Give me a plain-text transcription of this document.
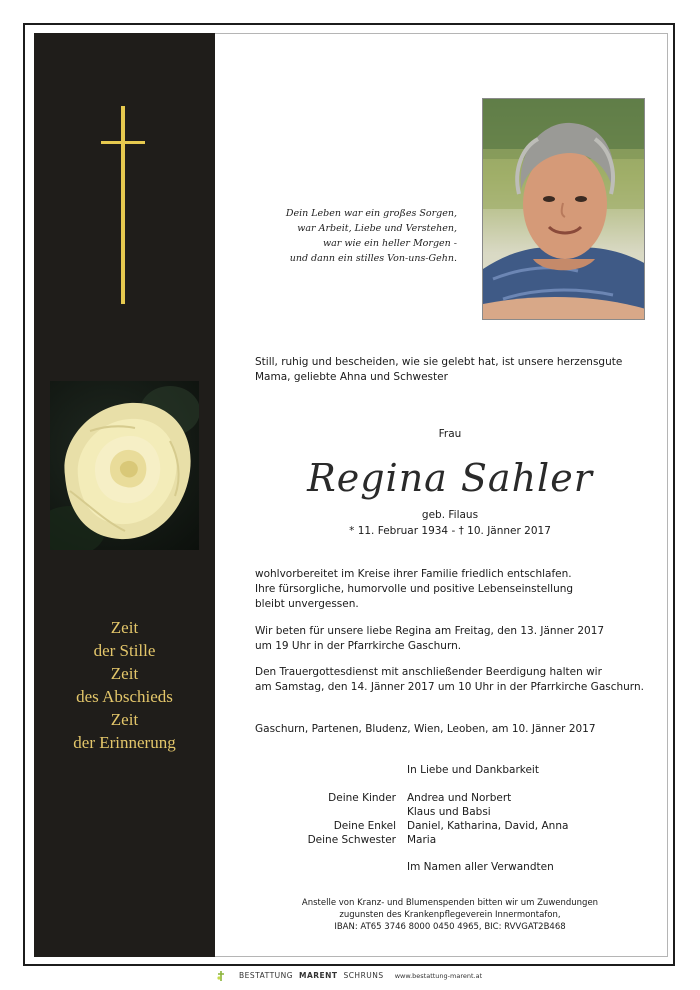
Zeit
der Stille
Zeit
des Abschieds
Zeit
der Erinnerung
Dein Leben war ein großes Sorgen,
war Arbeit, Liebe und Verstehen,
war wie ein heller Morgen -
und dann ein stilles Von-uns-Gehn.
Still, ruhig und bescheiden, wie sie gelebt hat, ist unsere herzensgute
Mama, geliebte Ahna und Schwester
Frau
Regina Sahler
geb. Filaus
* 11. Februar 1934 - † 10. Jänner 2017
wohlvorbereitet im Kreise ihrer Familie friedlich entschlafen.
Ihre fürsorgliche, humorvolle und positive Lebenseinstellung
bleibt unvergessen.
Wir beten für unsere liebe Regina am Freitag, den 13. Jänner 2017
um 19 Uhr in der Pfarrkirche Gaschurn.
Den Trauergottesdienst mit anschließender Beerdigung halten wir
am Samstag, den 14. Jänner 2017 um 10 Uhr in der Pfarrkirche Gaschurn.
Gaschurn, Partenen, Bludenz, Wien, Leoben, am 10. Jänner 2017
In Liebe und Dankbarkeit
Deine Kinder Andrea und Norbert
Klaus und Babsi
Deine Enkel Daniel, Katharina, David, Anna
Deine Schwester Maria
Im Namen aller Verwandten
Anstelle von Kranz- und Blumenspenden bitten wir um Zuwendungen
zugunsten des Krankenpflegeverein Innermontafon,
IBAN: AT65 3746 8000 0450 4965, BIC: RVVGAT2B468
BESTATTUNG MARENT SCHRUNS www.bestattung-marent.at
